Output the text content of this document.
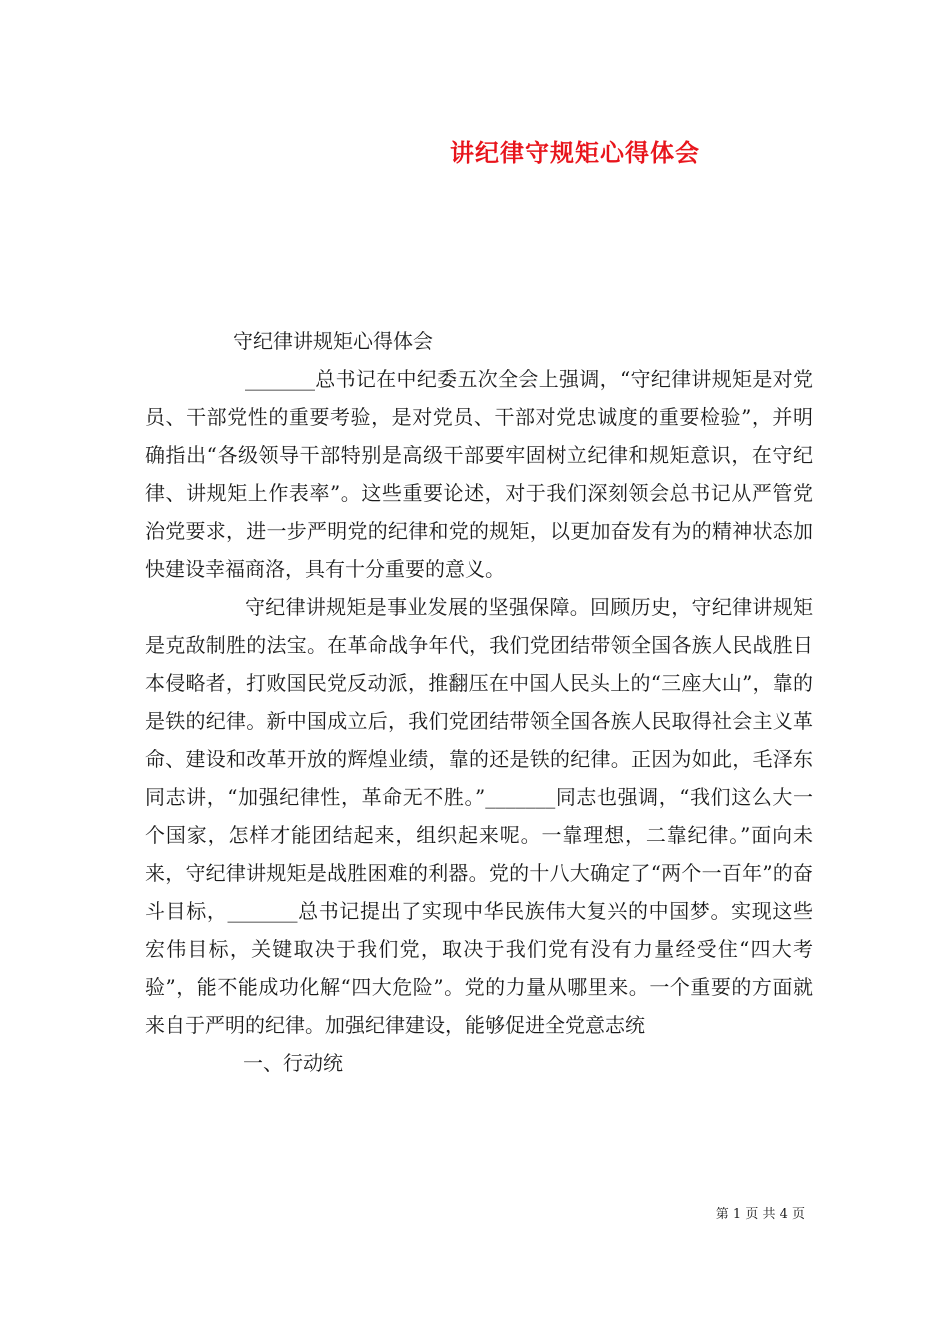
讲纪律守规矩心得体会

守纪律讲规矩心得体会

_______总书记在中纪委五次全会上强调，“守纪律讲规矩是对党员、干部党性的重要考验，是对党员、干部对党忠诚度的重要检验”，并明确指出“各级领导干部特别是高级干部要牢固树立纪律和规矩意识，在守纪律、讲规矩上作表率”。这些重要论述，对于我们深刻领会总书记从严管党治党要求，进一步严明党的纪律和党的规矩，以更加奋发有为的精神状态加快建设幸福商洛，具有十分重要的意义。

守纪律讲规矩是事业发展的坚强保障。回顾历史，守纪律讲规矩是克敌制胜的法宝。在革命战争年代，我们党团结带领全国各族人民战胜日本侵略者，打败国民党反动派，推翻压在中国人民头上的“三座大山”，靠的是铁的纪律。新中国成立后，我们党团结带领全国各族人民取得社会主义革命、建设和改革开放的辉煌业绩，靠的还是铁的纪律。正因为如此，毛泽东同志讲，“加强纪律性，革命无不胜。”_______同志也强调，“我们这么大一个国家，怎样才能团结起来，组织起来呢。一靠理想，二靠纪律。”面向未来，守纪律讲规矩是战胜困难的利器。党的十八大确定了“两个一百年”的奋斗目标，_______总书记提出了实现中华民族伟大复兴的中国梦。实现这些宏伟目标，关键取决于我们党，取决于我们党有没有力量经受住“四大考验”，能不能成功化解“四大危险”。党的力量从哪里来。一个重要的方面就来自于严明的纪律。加强纪律建设，能够促进全党意志统

一、行动统

第 1 页 共 4 页
